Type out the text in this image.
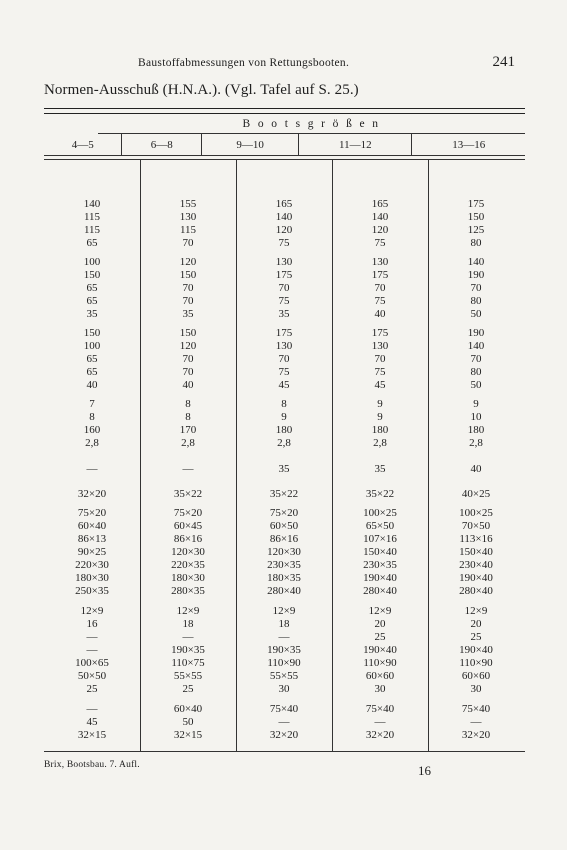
Baustoffabmessungen von Rettungsbooten.	241
Normen-Ausschuß (H.N.A.). (Vgl. Tafel auf S. 25.)
B o o t s g r ö ß e n
4—5	6—8	9—10	11—12	13—16
140	155	165	165	175
115	130	140	140	150
115	115	120	120	125
65	70	75	75	80
100	120	130	130	140
150	150	175	175	190
65	70	70	70	70
65	70	75	75	80
35	35	35	40	50
150	150	175	175	190
100	120	130	130	140
65	70	70	70	70
65	70	75	75	80
40	40	45	45	50
7	8	8	9	9
8	8	9	9	10
160	170	180	180	180
2,8	2,8	2,8	2,8	2,8
—	—	35	35	40
32×20	35×22	35×22	35×22	40×25
75×20	75×20	75×20	100×25	100×25
60×40	60×45	60×50	65×50	70×50
86×13	86×16	86×16	107×16	113×16
90×25	120×30	120×30	150×40	150×40
220×30	220×35	230×35	230×35	230×40
180×30	180×30	180×35	190×40	190×40
250×35	280×35	280×40	280×40	280×40
12×9	12×9	12×9	12×9	12×9
16	18	18	20	20
—	—	—	25	25
—	190×35	190×35	190×40	190×40
100×65	110×75	110×90	110×90	110×90
50×50	55×55	55×55	60×60	60×60
25	25	30	30	30
—	60×40	75×40	75×40	75×40
45	50	—	—	—
32×15	32×15	32×20	32×20	32×20
Brix, Bootsbau. 7. Aufl.	16
